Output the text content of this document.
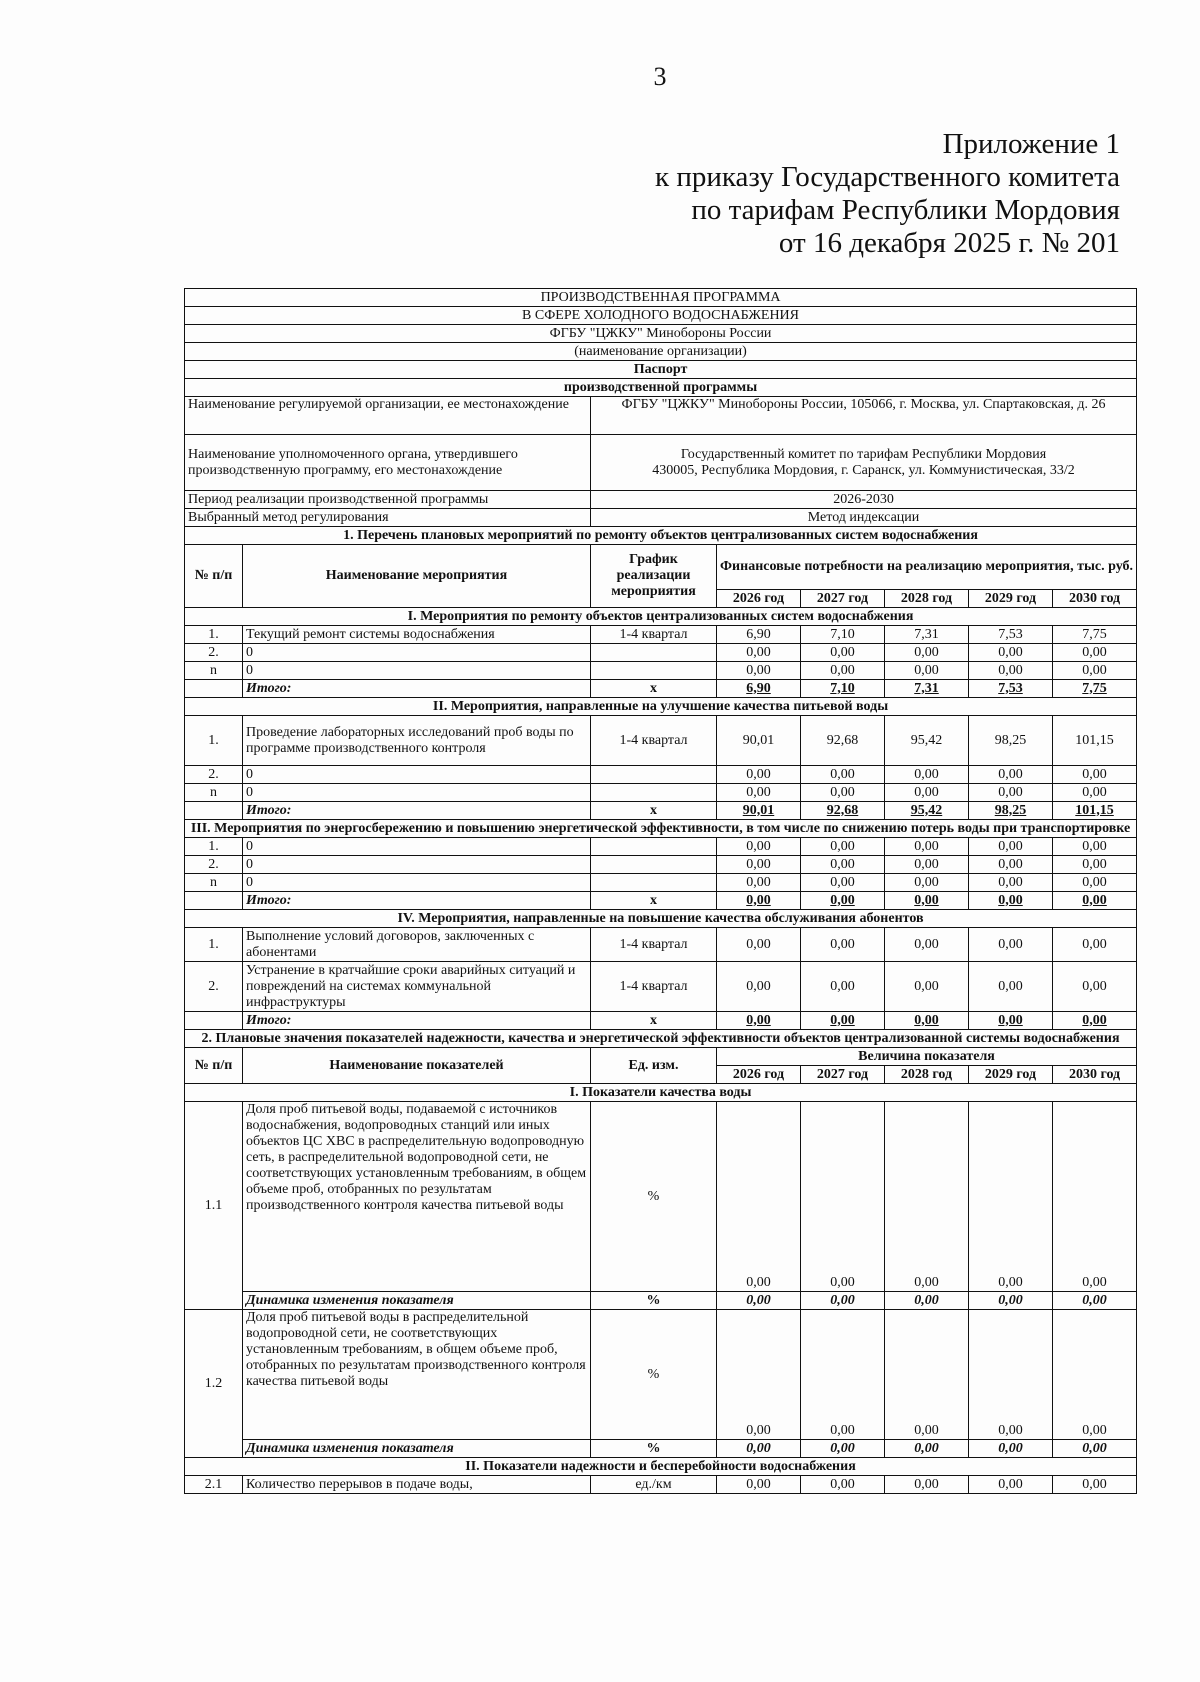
3
Приложение 1
к приказу Государственного комитета
по тарифам Республики Мордовия
от 16 декабря 2025 г. № 201
ПРОИЗВОДСТВЕННАЯ ПРОГРАММА							
В СФЕРЕ ХОЛОДНОГО ВОДОСНАБЖЕНИЯ							
ФГБУ "ЦЖКУ" Минобороны России							
(наименование организации)							
Паспорт							
производственной программы							
Наименование регулируемой организации, ее местонахождение		ФГБУ "ЦЖКУ" Минобороны России, 105066, г. Москва, ул. Спартаковская, д. 26					
Наименование уполномоченного органа, утвердившего производственную программу, его местонахождение		Государственный комитет по тарифам Республики Мордовия
430005, Республика Мордовия, г. Саранск, ул. Коммунистическая, 33/2					

Период реализации производственной программы		2026-2030					
Выбранный метод регулирования		Метод индексации					
1. Перечень плановых мероприятий по ремонту объектов централизованных систем водоснабжения							
№ п/п	Наименование мероприятия	График реализации мероприятия	Финансовые потребности на реализацию мероприятия, тыс. руб.				
			2026 год	2027 год	2028 год	2029 год	2030 год
I. Мероприятия по ремонту объектов централизованных систем водоснабжения							
1.	Текущий ремонт системы водоснабжения	1-4 квартал	6,90	7,10	7,31	7,53	7,75
2.	0		0,00	0,00	0,00	0,00	0,00
n	0		0,00	0,00	0,00	0,00	0,00
	Итого:	x	6,90	7,10	7,31	7,53	7,75
II. Мероприятия, направленные на улучшение качества питьевой воды							
1.	Проведение лабораторных исследований проб воды по программе производственного контроля	1-4 квартал	90,01	92,68	95,42	98,25	101,15
2.	0		0,00	0,00	0,00	0,00	0,00
n	0		0,00	0,00	0,00	0,00	0,00
	Итого:	x	90,01	92,68	95,42	98,25	101,15
III. Мероприятия по энергосбережению и повышению энергетической эффективности, в том числе по снижению потерь воды при транспортировке							
1.	0		0,00	0,00	0,00	0,00	0,00
2.	0		0,00	0,00	0,00	0,00	0,00
n	0		0,00	0,00	0,00	0,00	0,00
	Итого:	x	0,00	0,00	0,00	0,00	0,00
IV. Мероприятия, направленные на повышение качества обслуживания абонентов							
1.	Выполнение условий договоров, заключенных с абонентами	1-4 квартал	0,00	0,00	0,00	0,00	0,00
2.	Устранение в кратчайшие сроки аварийных ситуаций и повреждений на системах коммунальной инфраструктуры	1-4 квартал	0,00	0,00	0,00	0,00	0,00
	Итого:	x	0,00	0,00	0,00	0,00	0,00
2. Плановые значения показателей надежности, качества и энергетической эффективности объектов централизованной системы водоснабжения							
№ п/п	Наименование показателей	Ед. изм.	Величина показателя				
			2026 год	2027 год	2028 год	2029 год	2030 год
I. Показатели качества воды							
1.1	Доля проб питьевой воды, подаваемой с источников водоснабжения, водопроводных станций или иных объектов ЦС ХВС в распределительную водопроводную сеть, в распределительной водопроводной сети, не соответствующих установленным требованиям, в общем объеме проб, отобранных по результатам производственного контроля качества питьевой воды	%	0,00	0,00	0,00	0,00	0,00
	Динамика изменения показателя	%	0,00	0,00	0,00	0,00	0,00
1.2	Доля проб питьевой воды в распределительной водопроводной сети, не соответствующих установленным требованиям, в общем объеме проб, отобранных по результатам производственного контроля качества питьевой воды	%	0,00	0,00	0,00	0,00	0,00
	Динамика изменения показателя	%	0,00	0,00	0,00	0,00	0,00
II. Показатели надежности и бесперебойности водоснабжения							
2.1	Количество перерывов в подаче воды,	ед./км	0,00	0,00	0,00	0,00	0,00
